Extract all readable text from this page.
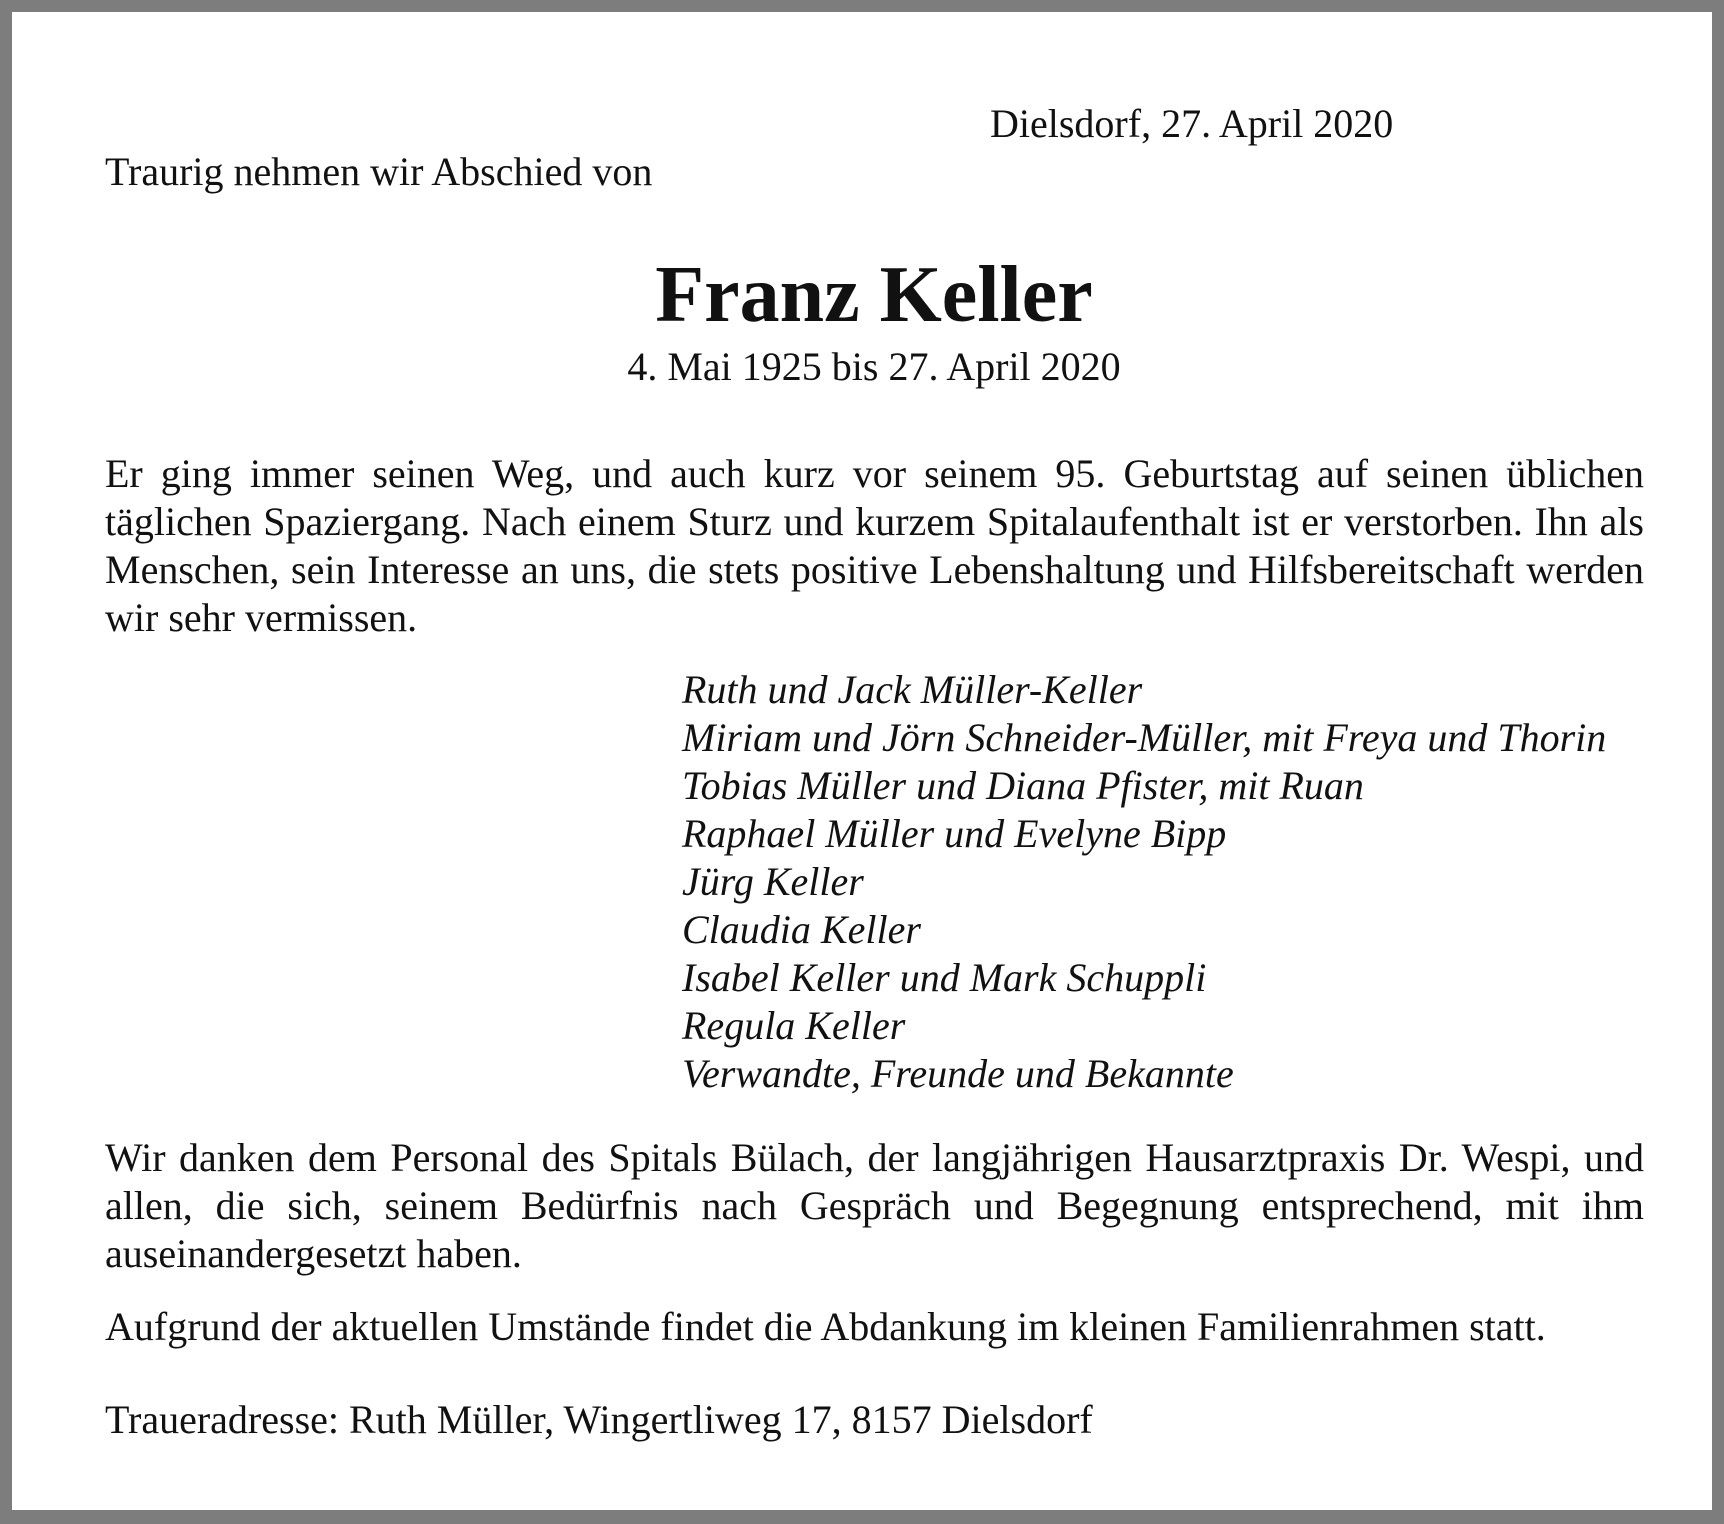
Dielsdorf, 27. April 2020
Traurig nehmen wir Abschied von
Franz Keller
4. Mai 1925 bis 27. April 2020

Er ging immer seinen Weg, und auch kurz vor seinem 95. Geburtstag auf seinen üblichen täglichen Spaziergang. Nach einem Sturz und kurzem Spitalaufenthalt ist er verstorben. Ihn als Menschen, sein Interesse an uns, die stets positive Lebenshaltung und Hilfsbereitschaft werden wir sehr vermissen.

Ruth und Jack Müller-Keller
Miriam und Jörn Schneider-Müller, mit Freya und Thorin
Tobias Müller und Diana Pfister, mit Ruan
Raphael Müller und Evelyne Bipp
Jürg Keller
Claudia Keller
Isabel Keller und Mark Schuppli
Regula Keller
Verwandte, Freunde und Bekannte

Wir danken dem Personal des Spitals Bülach, der langjährigen Hausarztpraxis Dr. Wespi, und allen, die sich, seinem Bedürfnis nach Gespräch und Begegnung entsprechend, mit ihm auseinandergesetzt haben.

Aufgrund der aktuellen Umstände findet die Abdankung im kleinen Familienrahmen statt.

Traueradresse: Ruth Müller, Wingertliweg 17, 8157 Dielsdorf
